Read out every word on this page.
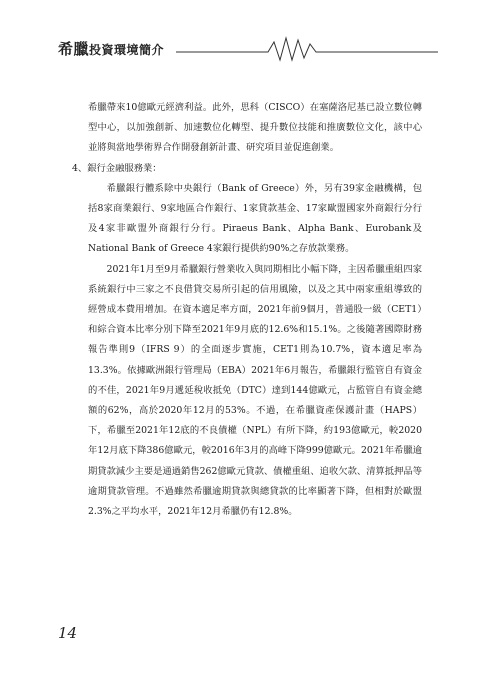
希臘投資環境簡介

希臘帶來10億歐元經濟利益。此外，思科（CISCO）在塞薩洛尼基已設立數位轉型中心，以加強創新、加速數位化轉型、提升數位技能和推廣數位文化，該中心並將與當地學術界合作開發創新計畫、研究項目並促進創業。

4、銀行金融服務業：

希臘銀行體系除中央銀行（Bank of Greece）外，另有39家金融機構，包括8家商業銀行、9家地區合作銀行、1家貸款基金、17家歐盟國家外商銀行分行及4家非歐盟外商銀行分行。Piraeus Bank、Alpha Bank、Eurobank及National Bank of Greece 4家銀行提供約90%之存放款業務。

2021年1月至9月希臘銀行營業收入與同期相比小幅下降，主因希臘重組四家系統銀行中三家之不良借貸交易所引起的信用風險，以及之其中兩家重組導致的經營成本費用增加。在資本適足率方面，2021年前9個月，普通股一級（CET1）和綜合資本比率分別下降至2021年9月底的12.6%和15.1%。之後隨著國際財務報告準則9（IFRS 9）的全面逐步實施，CET1則為10.7%，資本適足率為13.3%。依據歐洲銀行管理局（EBA）2021年6月報告，希臘銀行監管自有資金的不佳，2021年9月遞延稅收抵免（DTC）達到144億歐元，占監管自有資金總額的62%，高於2020年12月的53%。不過，在希臘資產保護計畫（HAPS）下，希臘至2021年12底的不良債權（NPL）有所下降，約193億歐元，較2020年12月底下降386億歐元，較2016年3月的高峰下降999億歐元。2021年希臘逾期貸款減少主要是通過銷售262億歐元貸款、債權重組、追收欠款、清算抵押品等逾期貸款管理。不過雖然希臘逾期貸款與總貸款的比率顯著下降，但相對於歐盟2.3%之平均水平，2021年12月希臘仍有12.8%。

14
